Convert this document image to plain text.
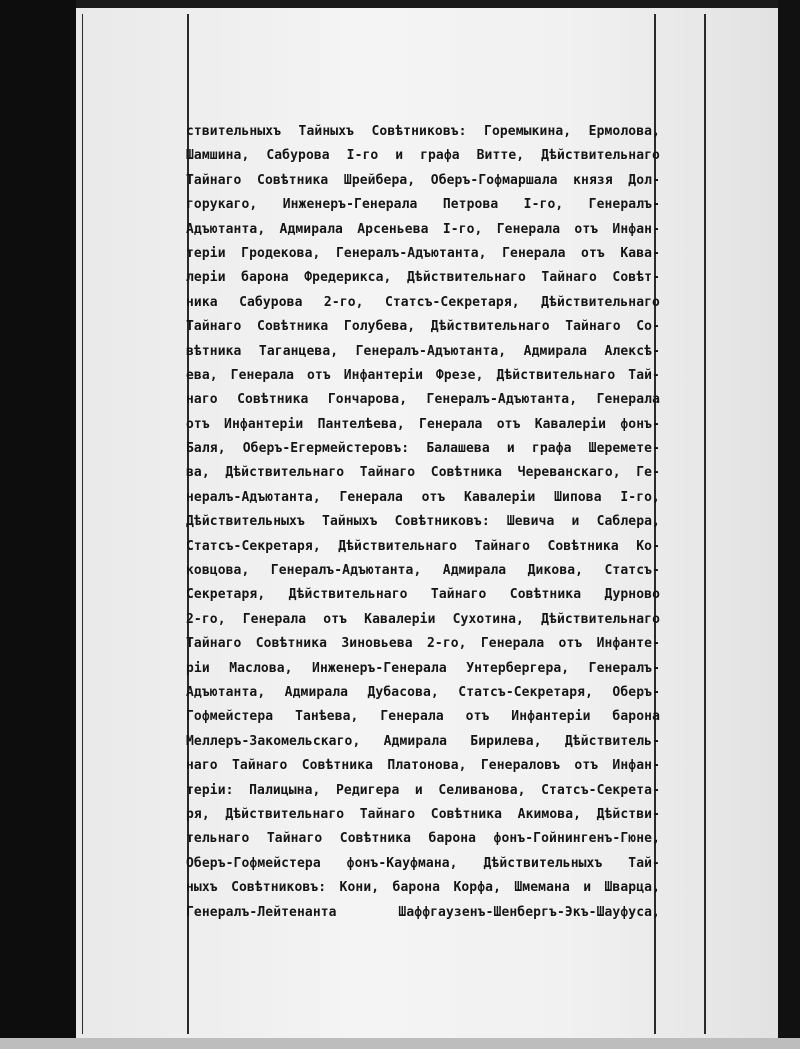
ствительныхъ Тайныхъ Совѣтниковъ: Горемыкина, Ермолова,
Шамшина, Сабурова I-го и графа Витте, Дѣйствительнаго
Тайнаго Совѣтника Шрейбера, Оберъ-Гофмаршала князя Дол-
горукаго, Инженеръ-Генерала Петрова I-го, Генералъ-
Адъютанта, Адмирала Арсеньева I-го, Генерала отъ Инфан-
теріи Гродекова, Генералъ-Адъютанта, Генерала отъ Кава-
леріи барона Фредерикса, Дѣйствительнаго Тайнаго Совѣт-
ника Сабурова 2-го, Статсъ-Секретаря, Дѣйствительнаго
Тайнаго Совѣтника Голубева, Дѣйствительнаго Тайнаго Со-
вѣтника Таганцева, Генералъ-Адъютанта, Адмирала Алексѣ-
ева, Генерала отъ Инфантеріи Фрезе, Дѣйствительнаго Тай-
наго Совѣтника Гончарова, Генералъ-Адъютанта, Генерала
отъ Инфантеріи Пантелѣева, Генерала отъ Кавалеріи фонъ-
Баля, Оберъ-Егермейстеровъ: Балашева и графа Шеремете-
ва, Дѣйствительнаго Тайнаго Совѣтника Череванскаго, Ге-
нералъ-Адъютанта, Генерала отъ Кавалеріи Шипова I-го,
Дѣйствительныхъ Тайныхъ Совѣтниковъ: Шевича и Саблера,
Статсъ-Секретаря, Дѣйствительнаго Тайнаго Совѣтника Ко-
ковцова, Генералъ-Адъютанта, Адмирала Дикова, Статсъ-
Секретаря, Дѣйствительнаго Тайнаго Совѣтника Дурново
2-го, Генерала отъ Кавалеріи Сухотина, Дѣйствительнаго
Тайнаго Совѣтника Зиновьева 2-го, Генерала отъ Инфанте-
ріи Маслова, Инженеръ-Генерала Унтербергера, Генералъ-
Адъютанта, Адмирала Дубасова, Статсъ-Секретаря, Оберъ-
Гофмейстера Танѣева, Генерала отъ Инфантеріи барона
Меллеръ-Закомельскаго, Адмирала Бирилева, Дѣйствитель-
наго Тайнаго Совѣтника Платонова, Генераловъ отъ Инфан-
теріи: Палицына, Редигера и Селиванова, Статсъ-Секрета-
ря, Дѣйствительнаго Тайнаго Совѣтника Акимова, Дѣйстви-
тельнаго Тайнаго Совѣтника барона фонъ-Гойнингенъ-Гюне,
Оберъ-Гофмейстера фонъ-Кауфмана, Дѣйствительныхъ Тай-
ныхъ Совѣтниковъ: Кони, барона Корфа, Шмемана и Шварца,
Генералъ-Лейтенанта Шаффгаузенъ-Шенбергъ-Экъ-Шауфуса,
